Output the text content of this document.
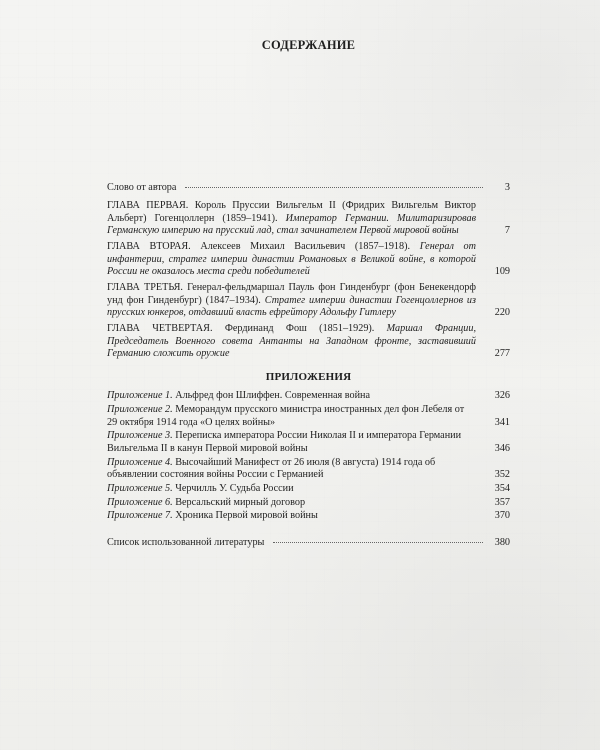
СОДЕРЖАНИЕ
Слово от автора	3
ГЛАВА ПЕРВАЯ. Король Пруссии Вильгельм II (Фридрих Вильгельм Виктор Альберт) Гогенцоллерн (1859–1941). Император Германии. Милитаризировав Германскую империю на прусский лад, стал зачинателем Первой мировой войны	7
ГЛАВА ВТОРАЯ. Алексеев Михаил Васильевич (1857–1918). Генерал от инфантерии, стратег империи династии Романовых в Великой войне, в которой России не оказалось места среди победителей	109
ГЛАВА ТРЕТЬЯ. Генерал-фельдмаршал Пауль фон Гинденбург (фон Бенекендорф унд фон Гинденбург) (1847–1934). Стратег империи династии Гогенцоллернов из прусских юнкеров, отдавший власть ефрейтору Адольфу Гитлеру	220
ГЛАВА ЧЕТВЕРТАЯ. Фердинанд Фош (1851–1929). Маршал Франции, Председатель Военного совета Антанты на Западном фронте, заставивший Германию сложить оружие	277
ПРИЛОЖЕНИЯ
Приложение 1. Альфред фон Шлиффен. Современная война	326
Приложение 2. Меморандум прусского министра иностранных дел фон Лебеля от 29 октября 1914 года «О целях войны»	341
Приложение 3. Переписка императора России Николая II и императора Германии Вильгельма II в канун Первой мировой войны	346
Приложение 4. Высочайший Манифест от 26 июля (8 августа) 1914 года об объявлении состояния войны России с Германией	352
Приложение 5. Черчилль У. Судьба России	354
Приложение 6. Версальский мирный договор	357
Приложение 7. Хроника Первой мировой войны	370
Список использованной литературы	380
